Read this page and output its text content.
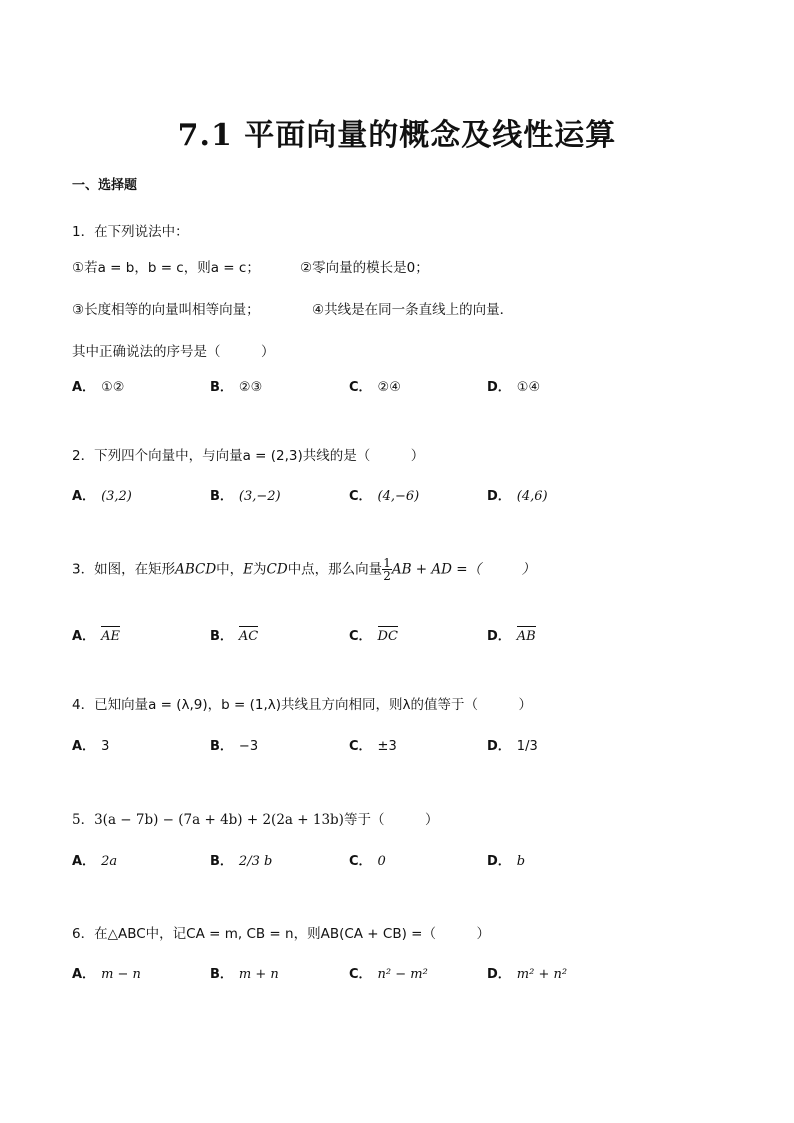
7.1 平面向量的概念及线性运算
一、选择题
1．在下列说法中：
①若a = b，b = c，则a = c；	②零向量的模长是0；
③长度相等的向量叫相等向量；	④共线是在同一条直线上的向量．
其中正确说法的序号是（　　　）
A． ①②	B． ②③	C． ②④	D． ①④
2．下列四个向量中，与向量a = (2,3)共线的是（　　　）
A． (3,2)	B． (3,−2)	C． (4,−6)	D． (4,6)
3．如图，在矩形ABCD中，E为CD中点，那么向量 $\frac{1}{2}$ AB + AD =（　　　）
A． AE	B． AC	C． DC	D． AB
4．已知向量a = (λ,9)，b = (1,λ)共线且方向相同，则λ的值等于（　　　）
A． 3	B． −3	C． ±3	D． 1/3
5．3(a − 7b) − (7a + 4b) + 2(2a + 13b)等于（　　　）
A． 2a	B． 2/3 b	C． 0	D． b
6．在△ABC中，记CA = m, CB = n，则AB(CA + CB) =（　　　）
A． m − n	B． m + n	C． n² − m²	D． m² + n²
